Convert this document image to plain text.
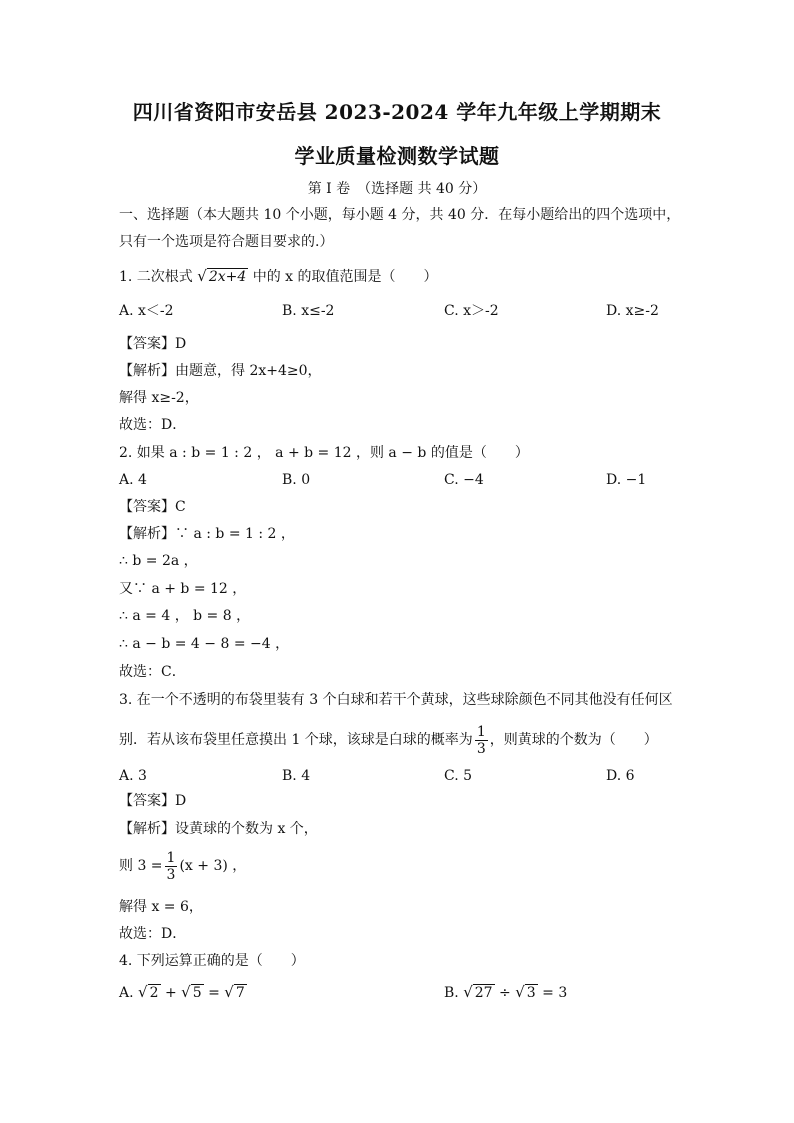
四川省资阳市安岳县 2023-2024 学年九年级上学期期末
学业质量检测数学试题
第 I 卷　（选择题 共 40 分）
一、选择题（本大题共 10 个小题，每小题 4 分，共 40 分．在每小题给出的四个选项中，
只有一个选项是符合题目要求的.）
1. 二次根式 √ 2x+4 中的 x 的取值范围是（　　）
A. x＜-2	B. x≤-2	C. x＞-2	D. x≥-2
【答案】D
【解析】由题意，得 2x+4≥0，
解得 x≥-2，
故选：D．
2. 如果 a : b = 1 : 2 ， a + b = 12 ，则 a − b 的值是（　　）
A. 4	B. 0	C. −4	D. −1
【答案】C
【解析】∵ a : b = 1 : 2 ，
∴ b = 2a ，
又∵ a + b = 12 ，
∴ a = 4 ， b = 8 ，
∴ a − b = 4 − 8 = −4 ，
故选：C．
3. 在一个不透明的布袋里装有 3 个白球和若干个黄球，这些球除颜色不同其他没有任何区
别．若从该布袋里任意摸出 1 个球，该球是白球的概率为 $\frac{1}{3}$ ，则黄球的个数为（　　）
A. 3	B. 4	C. 5	D. 6
【答案】D
【解析】设黄球的个数为 x 个，
则 $3 = \frac{1}{3} (x + 3)$ ，
解得 x = 6，
故选：D．
4. 下列运算正确的是（　　）
A. √ 2 + √ 5 = √ 7	B. √ 27 ÷ √ 3 = 3
